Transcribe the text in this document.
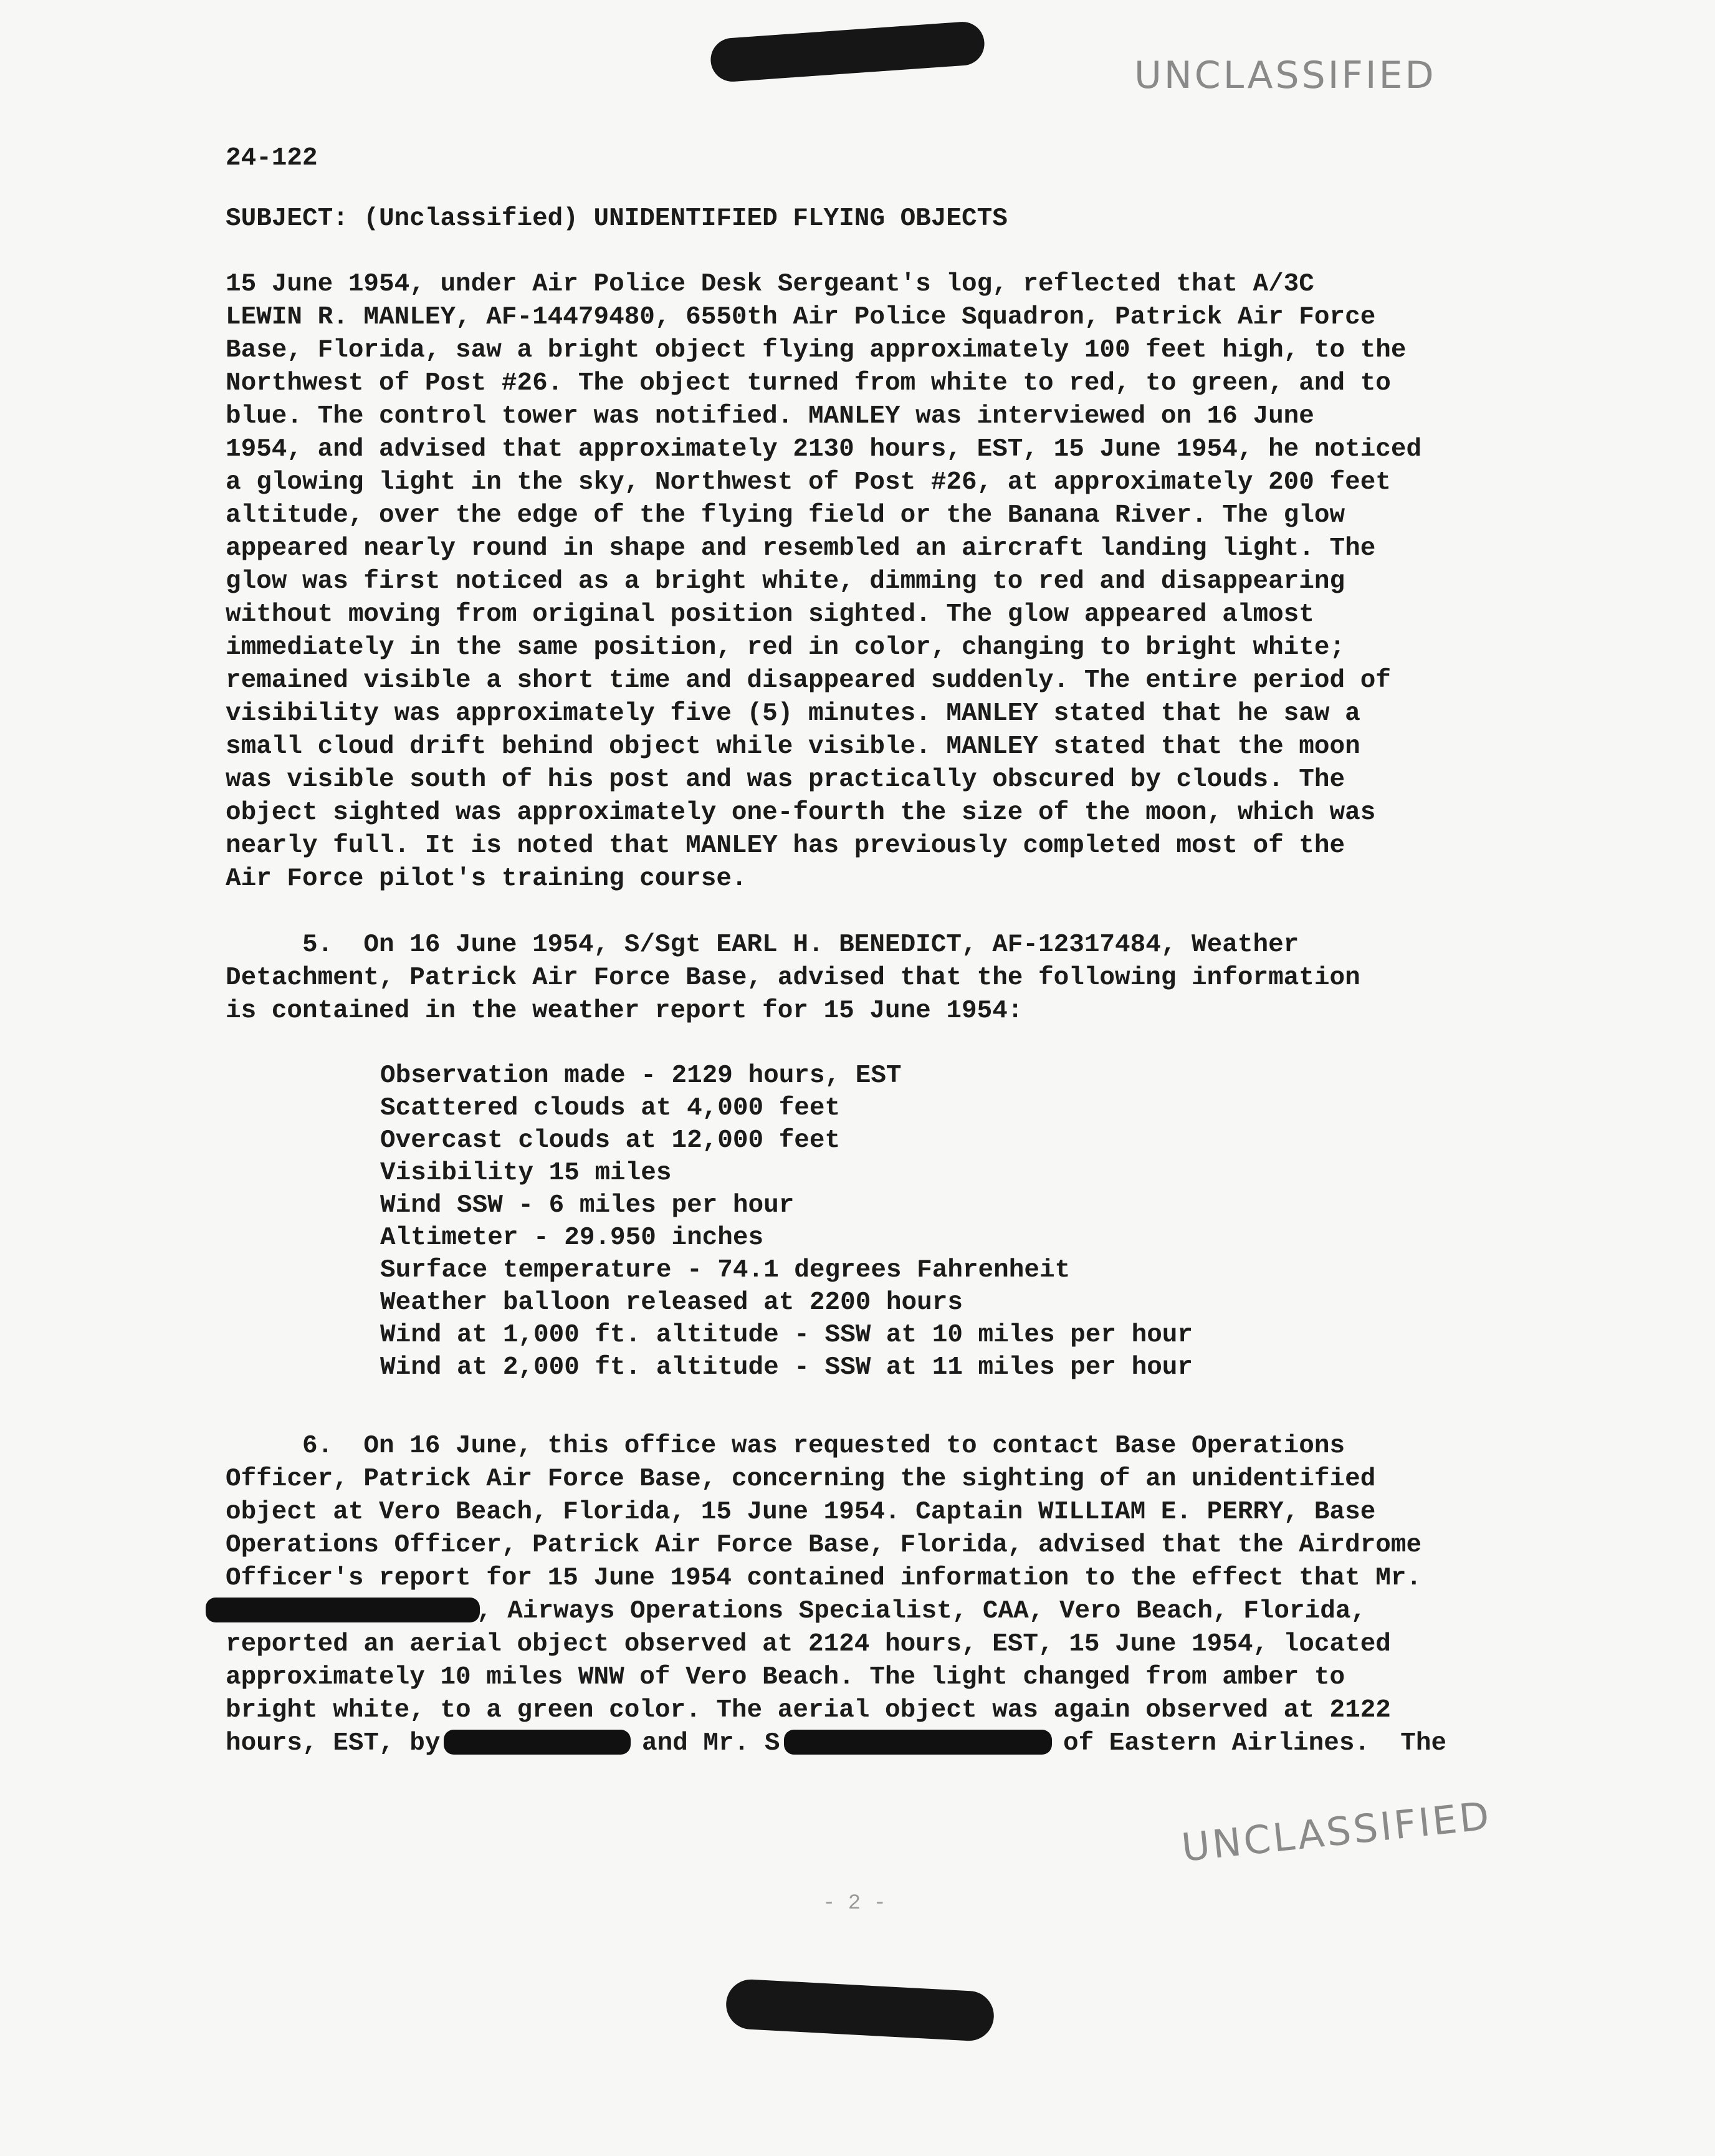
UNCLASSIFIED
24-122
SUBJECT: (Unclassified) UNIDENTIFIED FLYING OBJECTS
15 June 1954, under Air Police Desk Sergeant's log, reflected that A/3C
LEWIN R. MANLEY, AF-14479480, 6550th Air Police Squadron, Patrick Air Force
Base, Florida, saw a bright object flying approximately 100 feet high, to the
Northwest of Post #26. The object turned from white to red, to green, and to
blue. The control tower was notified. MANLEY was interviewed on 16 June
1954, and advised that approximately 2130 hours, EST, 15 June 1954, he noticed
a glowing light in the sky, Northwest of Post #26, at approximately 200 feet
altitude, over the edge of the flying field or the Banana River. The glow
appeared nearly round in shape and resembled an aircraft landing light. The
glow was first noticed as a bright white, dimming to red and disappearing
without moving from original position sighted. The glow appeared almost
immediately in the same position, red in color, changing to bright white;
remained visible a short time and disappeared suddenly. The entire period of
visibility was approximately five (5) minutes. MANLEY stated that he saw a
small cloud drift behind object while visible. MANLEY stated that the moon
was visible south of his post and was practically obscured by clouds. The
object sighted was approximately one-fourth the size of the moon, which was
nearly full. It is noted that MANLEY has previously completed most of the
Air Force pilot's training course.
5.  On 16 June 1954, S/Sgt EARL H. BENEDICT, AF-12317484, Weather
Detachment, Patrick Air Force Base, advised that the following information
is contained in the weather report for 15 June 1954:
Observation made - 2129 hours, EST
Scattered clouds at 4,000 feet
Overcast clouds at 12,000 feet
Visibility 15 miles
Wind SSW - 6 miles per hour
Altimeter - 29.950 inches
Surface temperature - 74.1 degrees Fahrenheit
Weather balloon released at 2200 hours
Wind at 1,000 ft. altitude - SSW at 10 miles per hour
Wind at 2,000 ft. altitude - SSW at 11 miles per hour
6.  On 16 June, this office was requested to contact Base Operations
Officer, Patrick Air Force Base, concerning the sighting of an unidentified
object at Vero Beach, Florida, 15 June 1954. Captain WILLIAM E. PERRY, Base
Operations Officer, Patrick Air Force Base, Florida, advised that the Airdrome
Officer's report for 15 June 1954 contained information to the effect that Mr.
, Airways Operations Specialist, CAA, Vero Beach, Florida,
reported an aerial object observed at 2124 hours, EST, 15 June 1954, located
approximately 10 miles WNW of Vero Beach. The light changed from amber to
bright white, to a green color. The aerial object was again observed at 2122
hours, EST, by	and Mr. S	of Eastern Airlines.  The
UNCLASSIFIED
- 2 -
